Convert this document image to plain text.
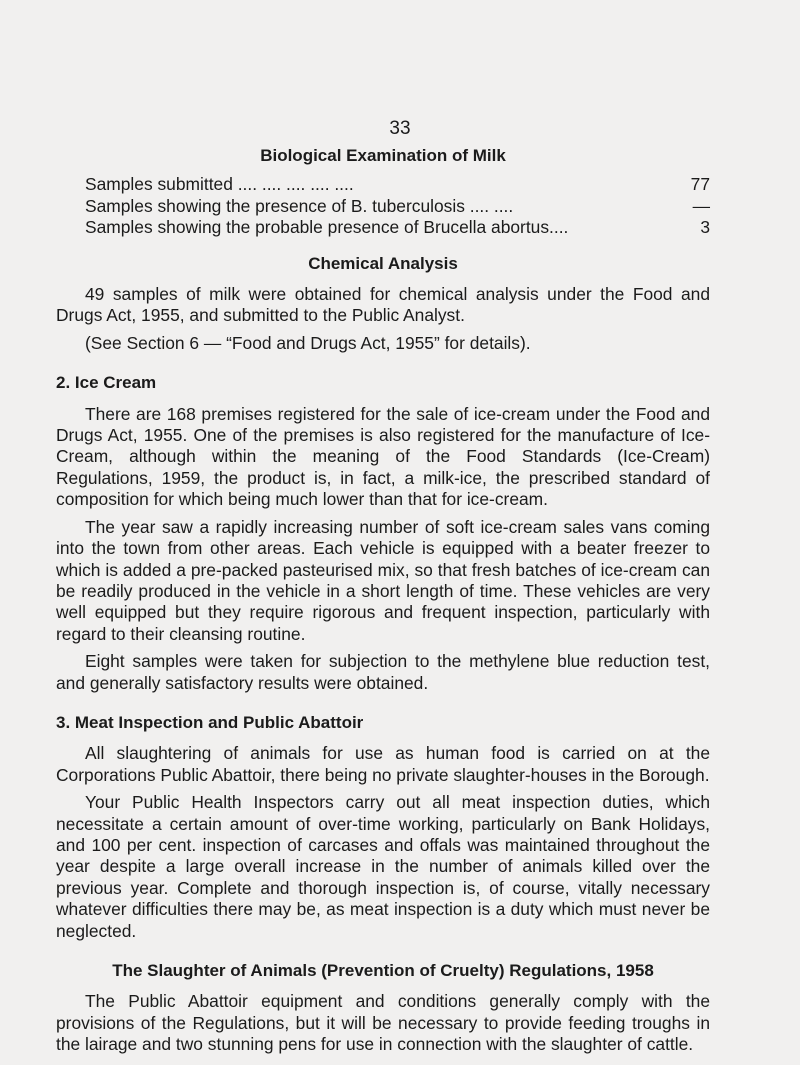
33
Biological Examination of Milk
Samples submitted .... .... .... .... ....	77
Samples showing the presence of B. tuberculosis .... ....	—
Samples showing the probable presence of Brucella abortus....	3
Chemical Analysis

49 samples of milk were obtained for chemical analysis under the Food and Drugs Act, 1955, and submitted to the Public Analyst.

(See Section 6 — “Food and Drugs Act, 1955” for details).

2. Ice Cream

There are 168 premises registered for the sale of ice-cream under the Food and Drugs Act, 1955. One of the premises is also registered for the manufacture of Ice-Cream, although within the meaning of the Food Standards (Ice-Cream) Regulations, 1959, the product is, in fact, a milk-ice, the prescribed standard of composition for which being much lower than that for ice-cream.

The year saw a rapidly increasing number of soft ice-cream sales vans coming into the town from other areas. Each vehicle is equipped with a beater freezer to which is added a pre-packed pasteurised mix, so that fresh batches of ice-cream can be readily produced in the vehicle in a short length of time. These vehicles are very well equipped but they require rigorous and frequent inspection, particularly with regard to their cleansing routine.

Eight samples were taken for subjection to the methylene blue reduction test, and generally satisfactory results were obtained.

3. Meat Inspection and Public Abattoir

All slaughtering of animals for use as human food is carried on at the Corporations Public Abattoir, there being no private slaughter-houses in the Borough.

Your Public Health Inspectors carry out all meat inspection duties, which necessitate a certain amount of over-time working, particularly on Bank Holidays, and 100 per cent. inspection of carcases and offals was maintained throughout the year despite a large overall increase in the number of animals killed over the previous year. Complete and thorough inspection is, of course, vitally necessary whatever difficulties there may be, as meat inspection is a duty which must never be neglected.

The Slaughter of Animals (Prevention of Cruelty) Regulations, 1958

The Public Abattoir equipment and conditions generally comply with the provisions of the Regulations, but it will be necessary to provide feeding troughs in the lairage and two stunning pens for use in connection with the slaughter of cattle.
